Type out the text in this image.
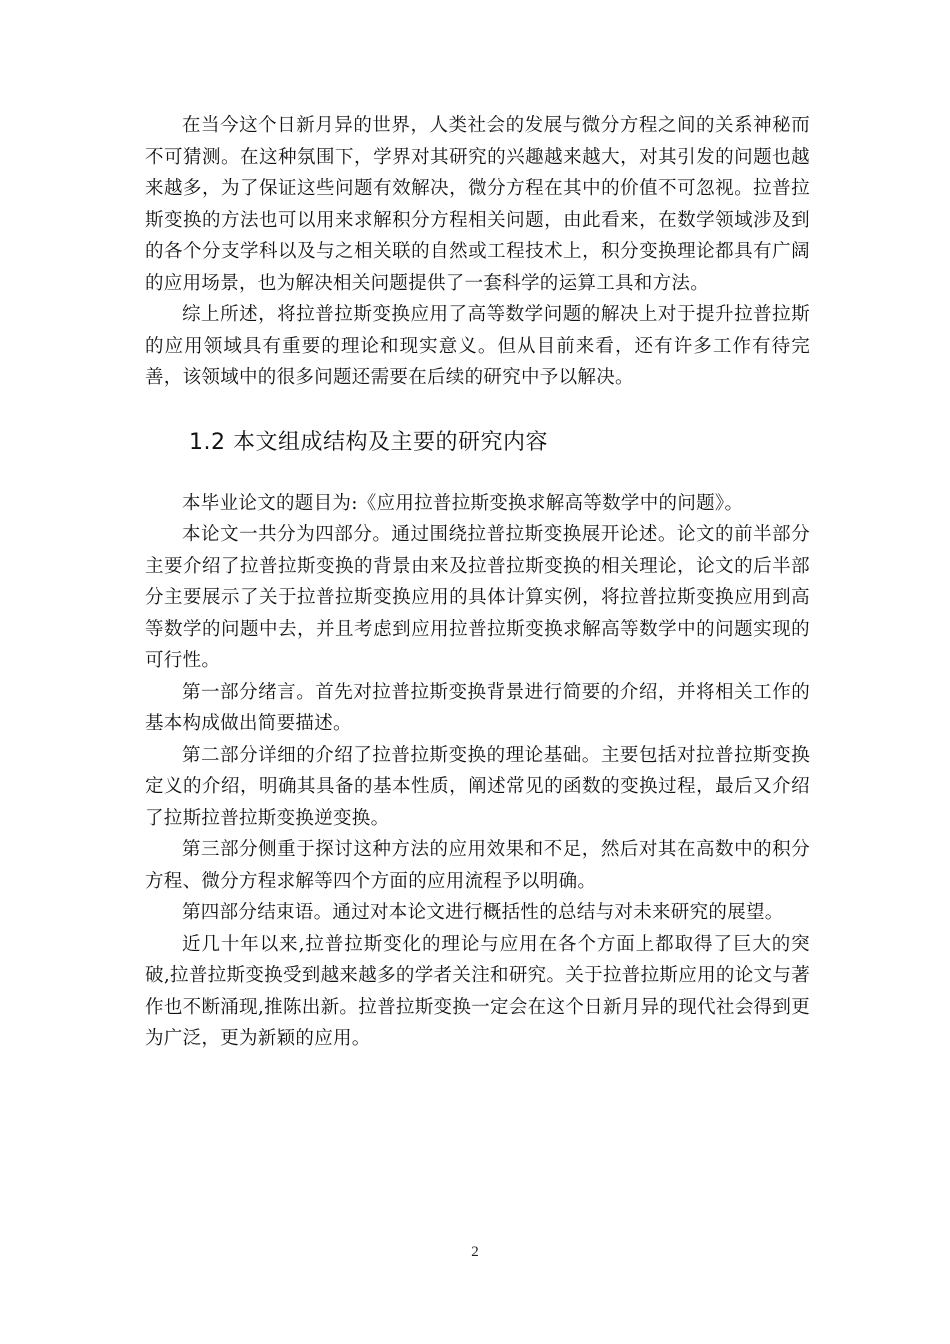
在当今这个日新月异的世界，人类社会的发展与微分方程之间的关系神秘而不可猜测。在这种氛围下，学界对其研究的兴趣越来越大，对其引发的问题也越来越多，为了保证这些问题有效解决，微分方程在其中的价值不可忽视。拉普拉斯变换的方法也可以用来求解积分方程相关问题，由此看来，在数学领域涉及到的各个分支学科以及与之相关联的自然或工程技术上，积分变换理论都具有广阔的应用场景，也为解决相关问题提供了一套科学的运算工具和方法。

综上所述，将拉普拉斯变换应用了高等数学问题的解决上对于提升拉普拉斯的应用领域具有重要的理论和现实意义。但从目前来看，还有许多工作有待完善，该领域中的很多问题还需要在后续的研究中予以解决。

1.2 本文组成结构及主要的研究内容

本毕业论文的题目为:《应用拉普拉斯变换求解高等数学中的问题》。

本论文一共分为四部分。通过围绕拉普拉斯变换展开论述。论文的前半部分主要介绍了拉普拉斯变换的背景由来及拉普拉斯变换的相关理论，论文的后半部分主要展示了关于拉普拉斯变换应用的具体计算实例，将拉普拉斯变换应用到高等数学的问题中去，并且考虑到应用拉普拉斯变换求解高等数学中的问题实现的可行性。

第一部分绪言。首先对拉普拉斯变换背景进行简要的介绍，并将相关工作的基本构成做出简要描述。

第二部分详细的介绍了拉普拉斯变换的理论基础。主要包括对拉普拉斯变换定义的介绍，明确其具备的基本性质，阐述常见的函数的变换过程，最后又介绍了拉斯拉普拉斯变换逆变换。

第三部分侧重于探讨这种方法的应用效果和不足，然后对其在高数中的积分方程、微分方程求解等四个方面的应用流程予以明确。

第四部分结束语。通过对本论文进行概括性的总结与对未来研究的展望。

近几十年以来,拉普拉斯变化的理论与应用在各个方面上都取得了巨大的突破,拉普拉斯变换受到越来越多的学者关注和研究。关于拉普拉斯应用的论文与著作也不断涌现,推陈出新。拉普拉斯变换一定会在这个日新月异的现代社会得到更为广泛，更为新颖的应用。

2
